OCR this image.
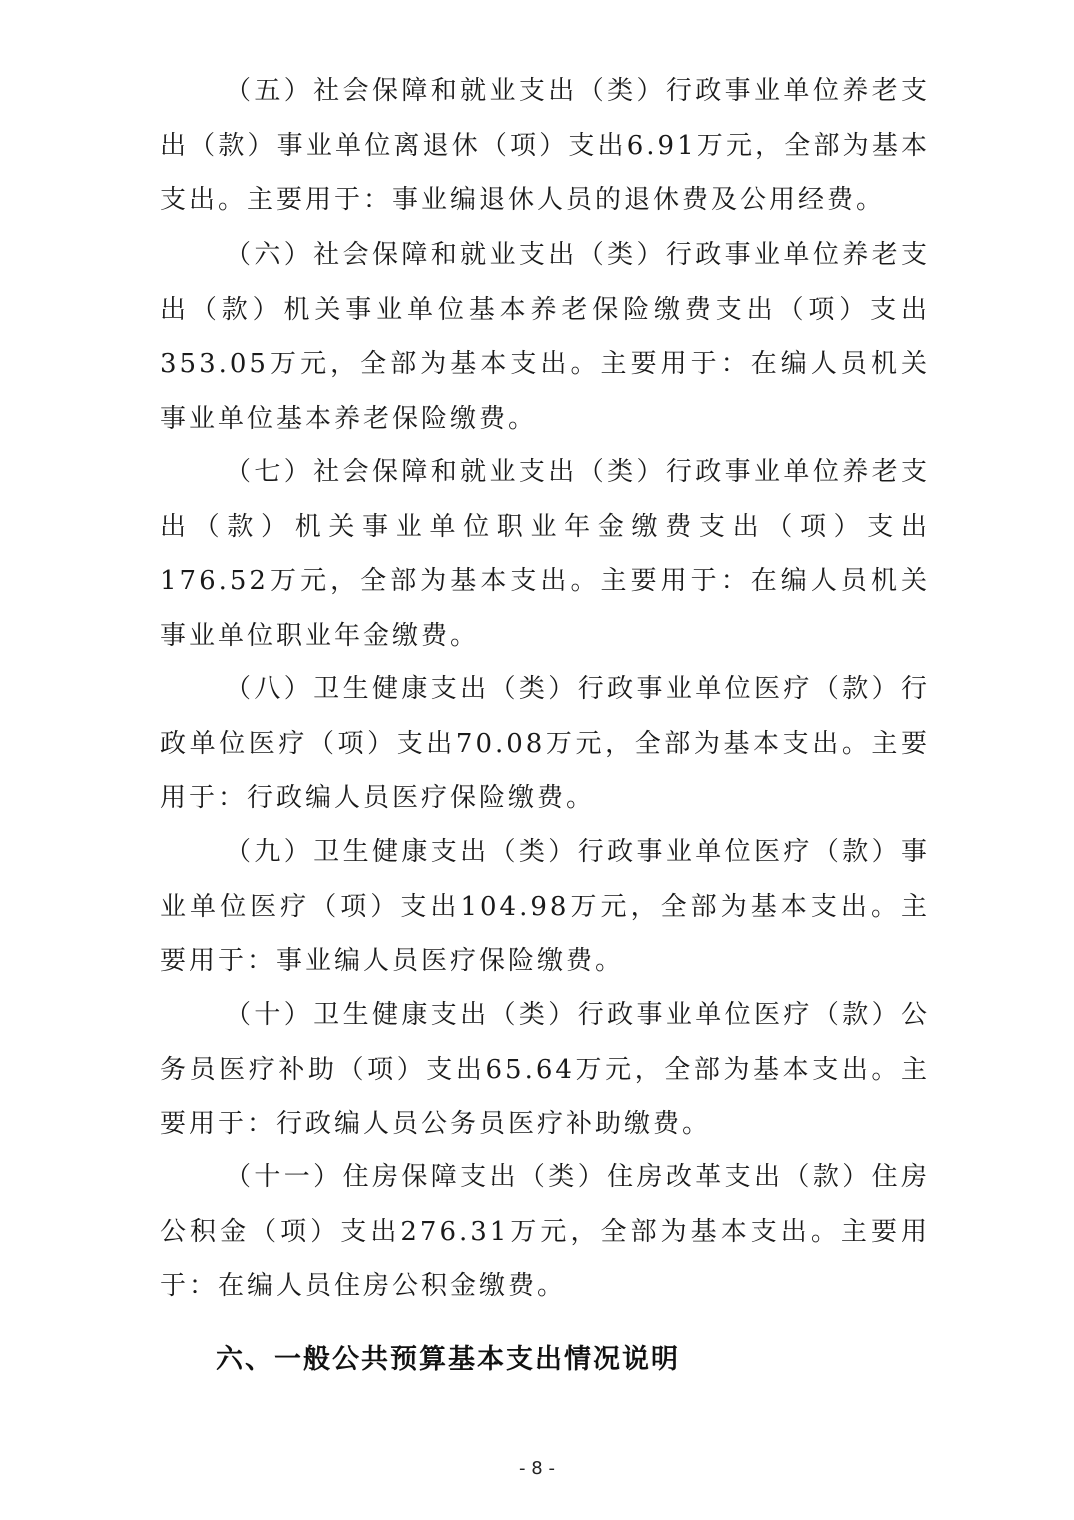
（五）社会保障和就业支出（类）行政事业单位养老支出（款）事业单位离退休（项）支出6.91万元，全部为基本支出。主要用于：事业编退休人员的退休费及公用经费。

（六）社会保障和就业支出（类）行政事业单位养老支出（款）机关事业单位基本养老保险缴费支出（项）支出353.05万元，全部为基本支出。主要用于：在编人员机关事业单位基本养老保险缴费。

（七）社会保障和就业支出（类）行政事业单位养老支出（款）机关事业单位职业年金缴费支出（项）支出176.52万元，全部为基本支出。主要用于：在编人员机关事业单位职业年金缴费。

（八）卫生健康支出（类）行政事业单位医疗（款）行政单位医疗（项）支出70.08万元，全部为基本支出。主要用于：行政编人员医疗保险缴费。

（九）卫生健康支出（类）行政事业单位医疗（款）事业单位医疗（项）支出104.98万元，全部为基本支出。主要用于：事业编人员医疗保险缴费。

（十）卫生健康支出（类）行政事业单位医疗（款）公务员医疗补助（项）支出65.64万元，全部为基本支出。主要用于：行政编人员公务员医疗补助缴费。

（十一）住房保障支出（类）住房改革支出（款）住房公积金（项）支出276.31万元，全部为基本支出。主要用于：在编人员住房公积金缴费。

六、一般公共预算基本支出情况说明
- 8 -
